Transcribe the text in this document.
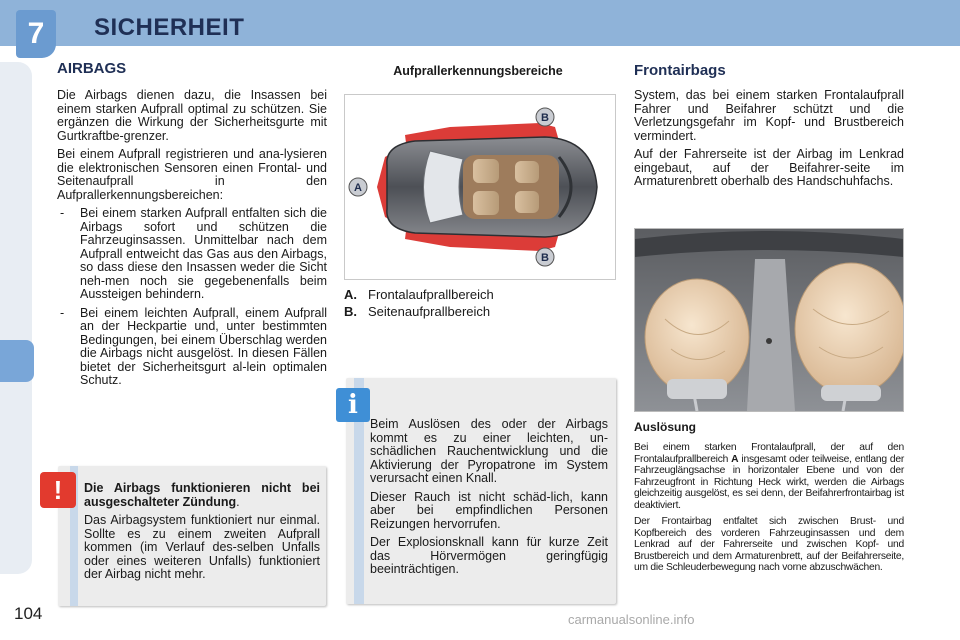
7	SICHERHEIT
AIRBAGS

Die Airbags dienen dazu, die Insassen bei einem starken Aufprall optimal zu schützen. Sie ergänzen die Wirkung der Sicherheitsgurte mit Gurtkraftbe-grenzer.

Bei einem Aufprall registrieren und ana-lysieren die elektronischen Sensoren einen Frontal- und Seitenaufprall in den Aufprallerkennungsbereichen:

- Bei einem starken Aufprall entfalten sich die Airbags sofort und schützen die Fahrzeuginsassen. Unmittelbar nach dem Aufprall entweicht das Gas aus den Airbags, so dass diese den Insassen weder die Sicht neh-men noch sie gegebenenfalls beim Aussteigen behindern.
- Bei einem leichten Aufprall, einem Aufprall an der Heckpartie und, unter bestimmten Bedingungen, bei einem Überschlag werden die Airbags nicht ausgelöst. In diesen Fällen bietet der Sicherheitsgurt al-lein optimalen Schutz.
!	Die Airbags funktionieren nicht bei ausgeschalteter Zündung.

Das Airbagsystem funktioniert nur einmal. Sollte es zu einem zweiten Aufprall kommen (im Verlauf des-selben Unfalls oder eines weiteren Unfalls) funktioniert der Airbag nicht mehr.

Aufprallerkennungsbereiche
A
B
B
A. Frontalaufprallbereich
B. Seitenaufprallbereich
i

Beim Auslösen des oder der Airbags kommt es zu einer leichten, un-schädlichen Rauchentwicklung und die Aktivierung der Pyropatrone im System verursacht einen Knall.

Dieser Rauch ist nicht schäd-lich, kann aber bei empfindlichen Personen Reizungen hervorrufen.

Der Explosionsknall kann für kurze Zeit das Hörvermögen geringfügig beeinträchtigen.

Frontairbags

System, das bei einem starken Frontalaufprall Fahrer und Beifahrer schützt und die Verletzungsgefahr im Kopf- und Brustbereich vermindert.

Auf der Fahrerseite ist der Airbag im Lenkrad eingebaut, auf der Beifahrer-seite im Armaturenbrett oberhalb des Handschuhfachs.

Auslösung

Bei einem starken Frontalaufprall, der auf den Frontalaufprallbereich A insgesamt oder teilweise, entlang der Fahrzeuglängsachse in horizontaler Ebene und von der Fahrzeugfront in Richtung Heck wirkt, werden die Airbags gleichzeitig ausgelöst, es sei denn, der Beifahrerfrontairbag ist deaktiviert.

Der Frontairbag entfaltet sich zwischen Brust- und Kopfbereich des vorderen Fahrzeuginsassen und dem Lenkrad auf der Fahrerseite und zwischen Kopf- und Brustbereich und dem Armaturenbrett, auf der Beifahrerseite, um die Schleuderbewegung nach vorne abzuschwächen.

104	carmanualsonline.info
